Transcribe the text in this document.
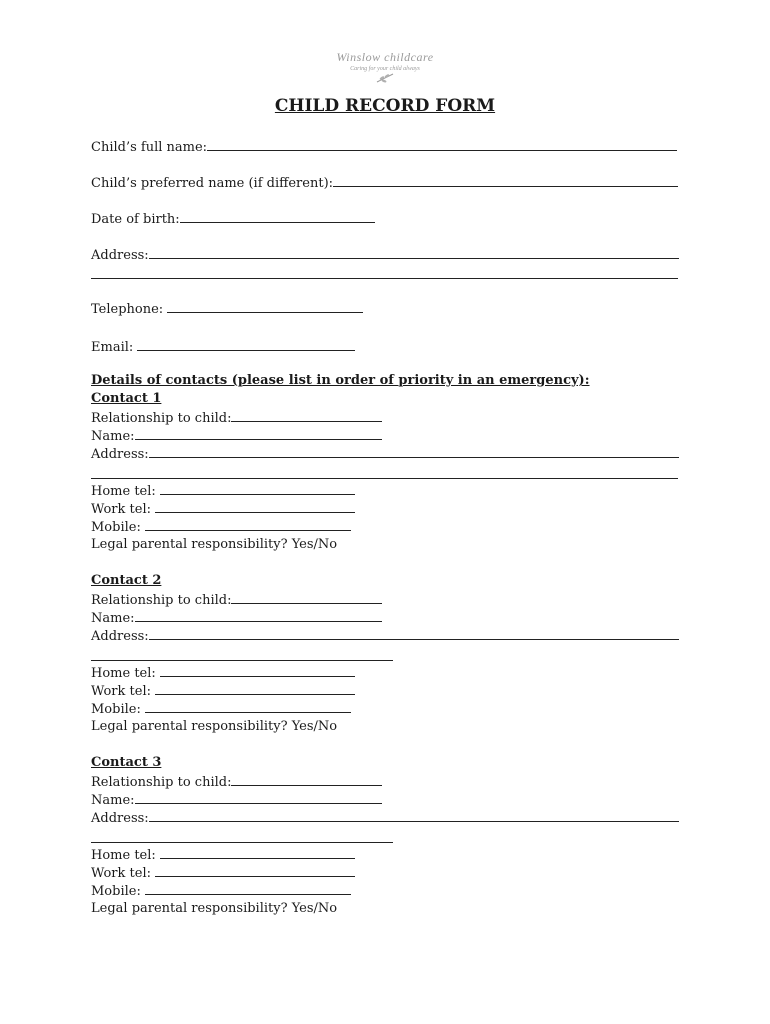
Winslow childcare
Caring for your child always
CHILD RECORD FORM
Child’s full name:
Child’s preferred name (if different):
Date of birth:
Address:
Telephone:
Email:
Details of contacts (please list in order of priority in an emergency):
Contact 1
Relationship to child:
Name:
Address:
Home tel:
Work tel:
Mobile:
Legal parental responsibility? Yes/No
Contact 2
Relationship to child:
Name:
Address:
Home tel:
Work tel:
Mobile:
Legal parental responsibility? Yes/No
Contact 3
Relationship to child:
Name:
Address:
Home tel:
Work tel:
Mobile:
Legal parental responsibility? Yes/No
